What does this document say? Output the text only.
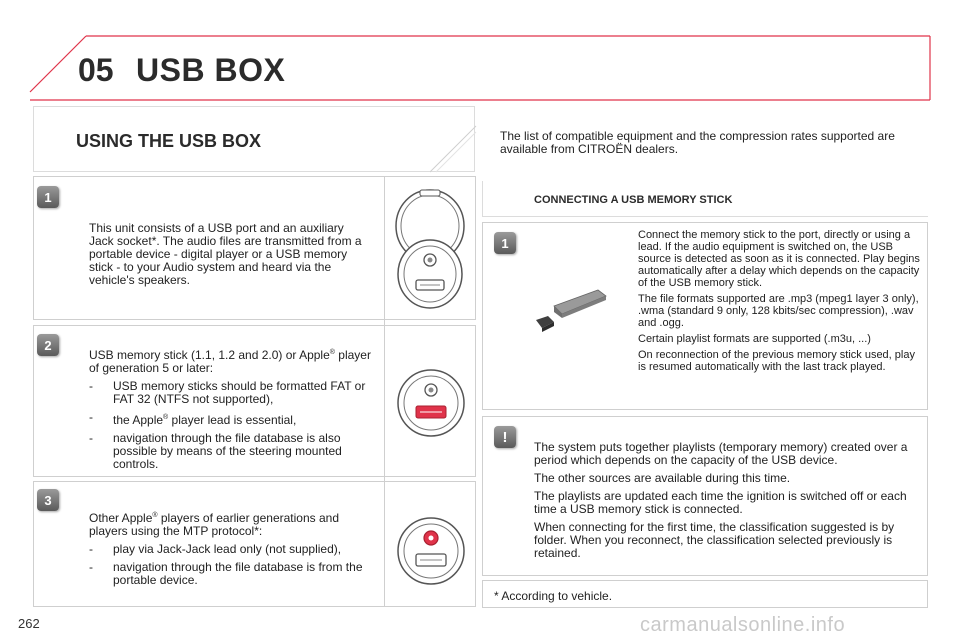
05 USB BOX
USING THE USB BOX	The list of compatible equipment and the compression rates supported are available from CITROËN dealers.
1
2
3
This unit consists of a USB port and an auxiliary Jack socket*. The audio files are transmitted from a portable device - digital player or a USB memory stick - to your Audio system and heard via the vehicle's speakers.

USB memory stick (1.1, 1.2 and 2.0) or Apple® player of generation 5 or later:

-	USB memory sticks should be formatted FAT or FAT 32 (NTFS not supported),
-	the Apple® player lead is essential,
-	navigation through the file database is also possible by means of the steering mounted controls.

Other Apple® players of earlier generations and players using the MTP protocol*:

-	play via Jack-Jack lead only (not supplied),
-	navigation through the file database is from the portable device.
CONNECTING A USB MEMORY STICK
1

Connect the memory stick to the port, directly or using a lead. If the audio equipment is switched on, the USB source is detected as soon as it is connected. Play begins automatically after a delay which depends on the capacity of the USB memory stick.

The file formats supported are .mp3 (mpeg1 layer 3 only), .wma (standard 9 only, 128 kbits/sec compression), .wav and .ogg.

Certain playlist formats are supported (.m3u, ...)

On reconnection of the previous memory stick used, play is resumed automatically with the last track played.

!

The system puts together playlists (temporary memory) created over a period which depends on the capacity of the USB device.

The other sources are available during this time.

The playlists are updated each time the ignition is switched off or each time a USB memory stick is connected.

When connecting for the first time, the classification suggested is by folder. When you reconnect, the classification selected previously is retained.

* According to vehicle.
262	carmanualsonline.info
